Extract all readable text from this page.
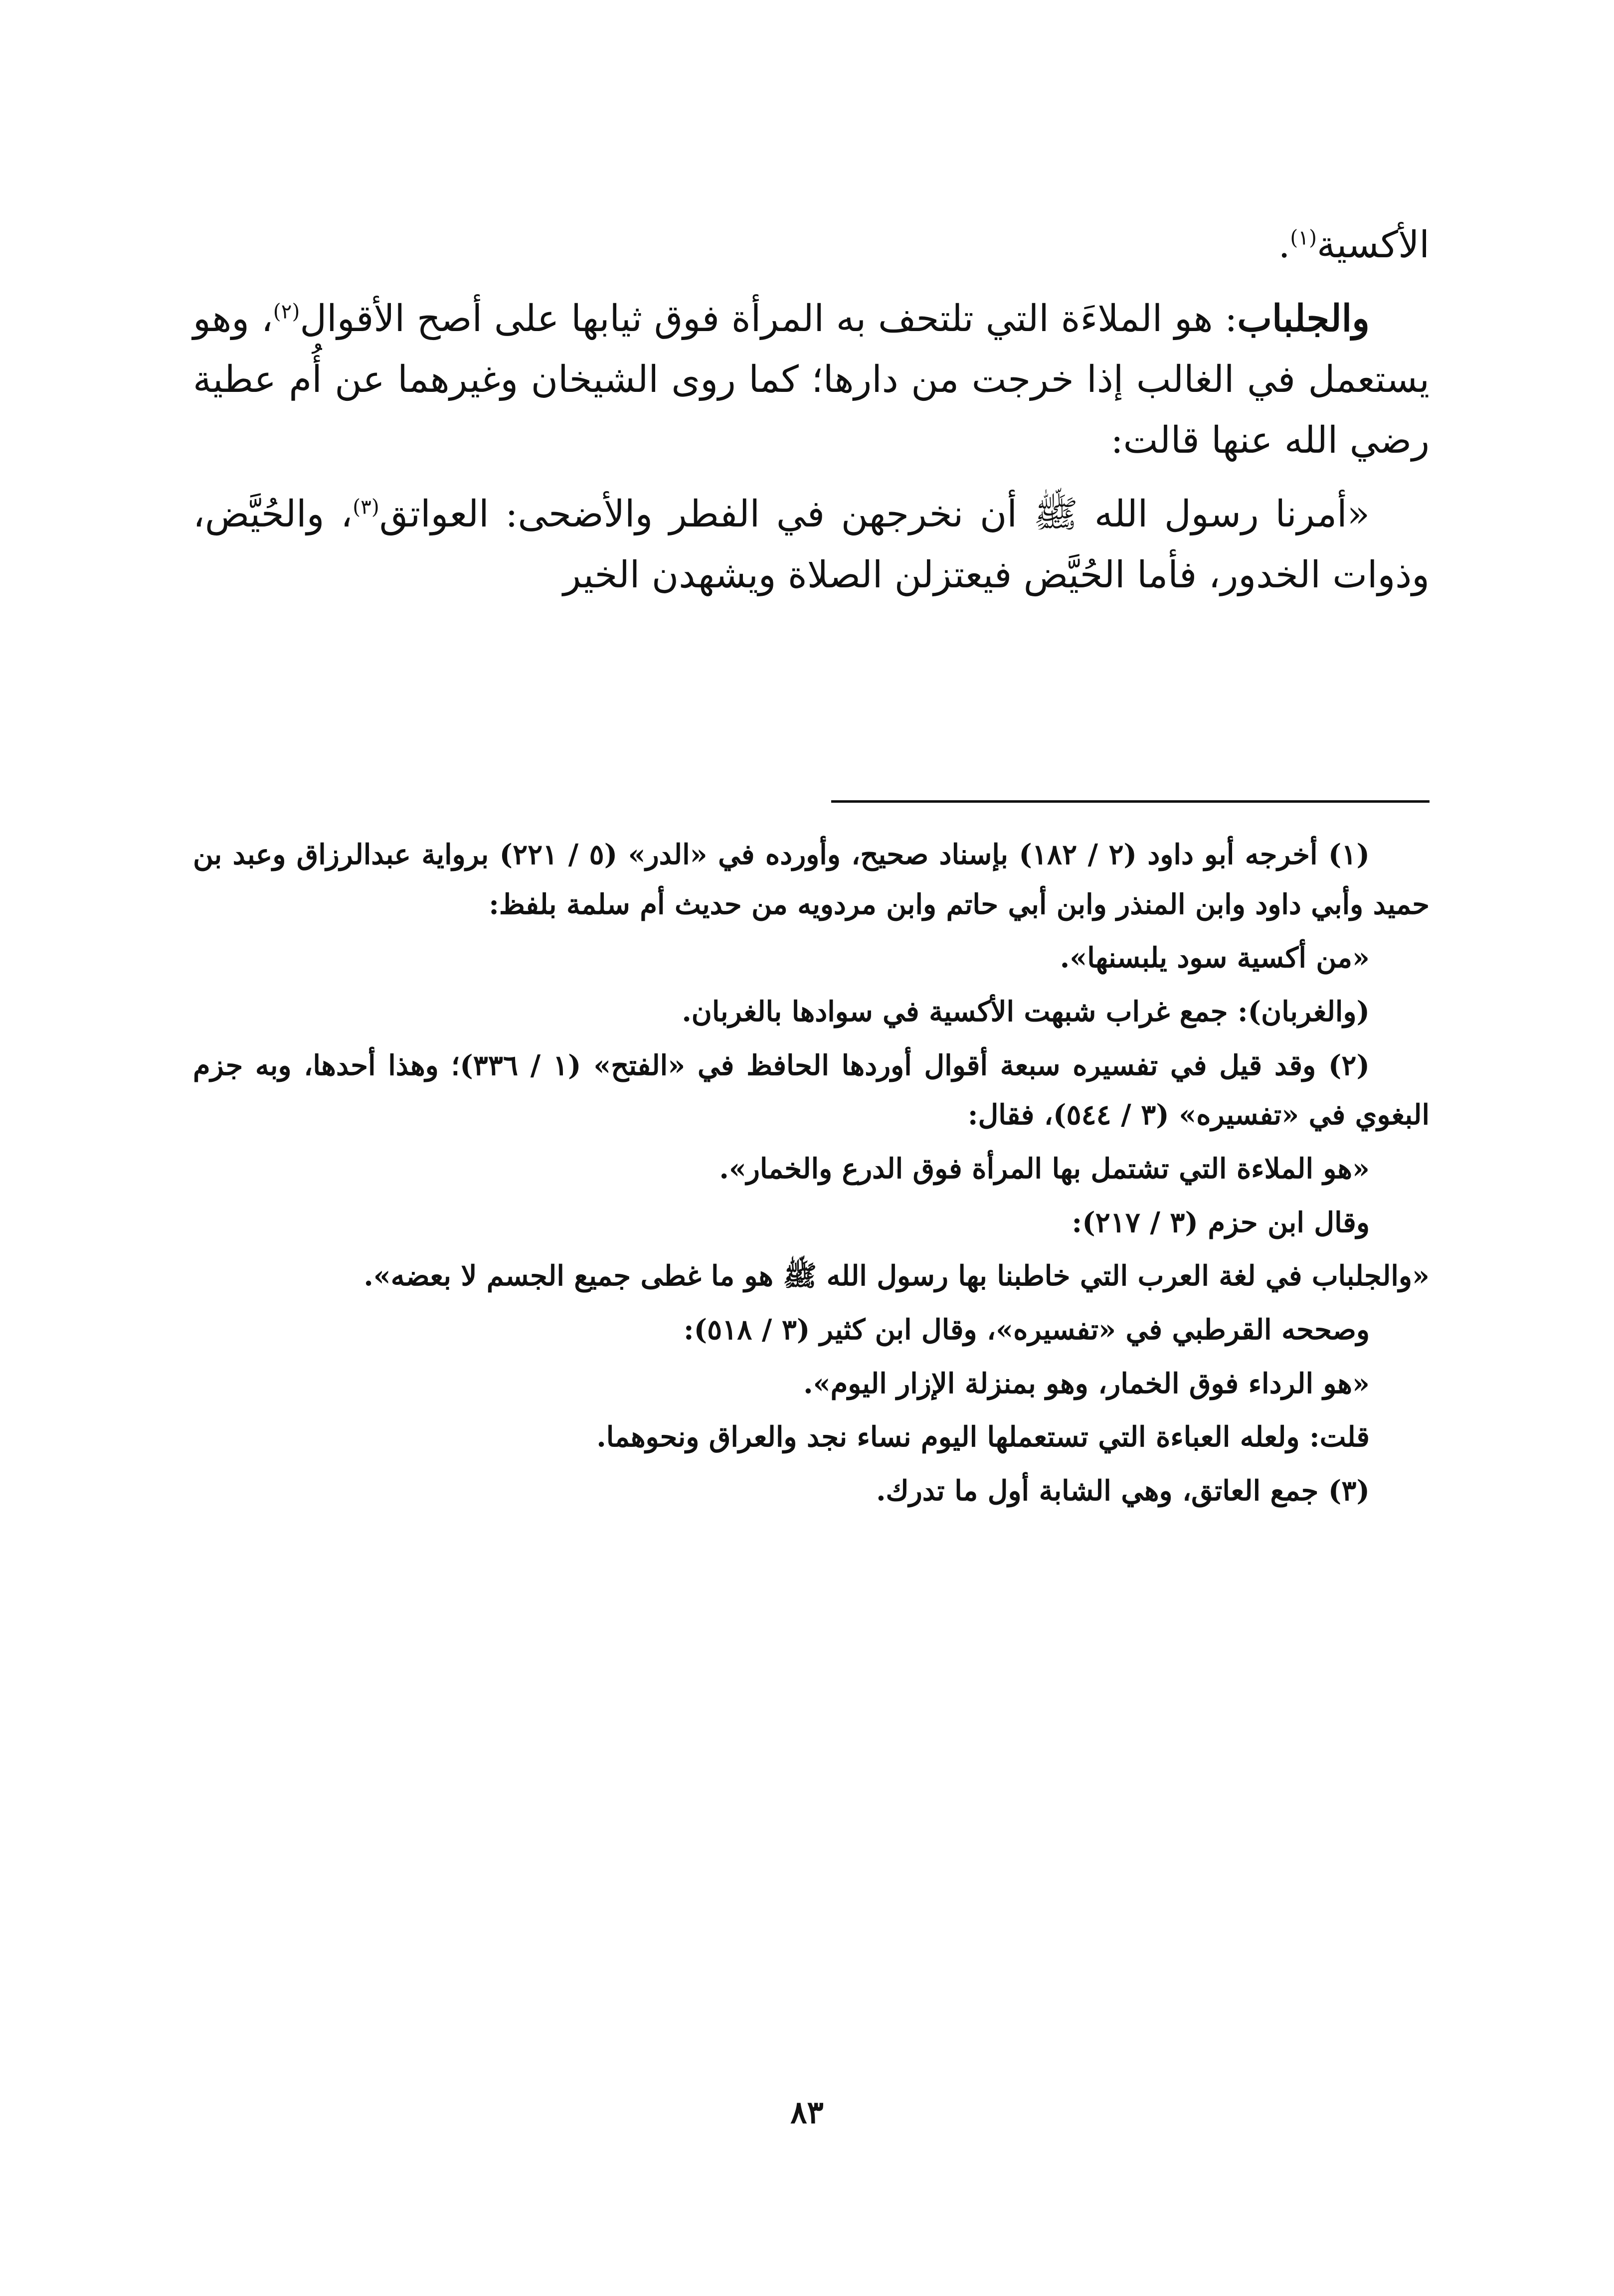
الأكسية$^{(١)}$.

والجلباب: هو الملاءَة التي تلتحف به المرأة فوق ثيابها على أصح الأقوال$^{(٢)}$، وهو يستعمل في الغالب إذا خرجت من دارها؛ كما روى الشيخان وغيرهما عن أُم عطية رضي الله عنها قالت:

«أمرنا رسول الله ﷺ أن نخرجهن في الفطر والأضحى: العواتق$^{(٣)}$، والحُيَّض، وذوات الخدور، فأما الحُيَّض فيعتزلن الصلاة ويشهدن الخير

(١) أخرجه أبو داود (٢ / ١٨٢) بإسناد صحيح، وأورده في «الدر» (٥ / ٢٢١) برواية عبدالرزاق وعبد بن حميد وأبي داود وابن المنذر وابن أبي حاتم وابن مردويه من حديث أم سلمة بلفظ:

«من أكسية سود يلبسنها».

(والغربان): جمع غراب شبهت الأكسية في سوادها بالغربان.

(٢) وقد قيل في تفسيره سبعة أقوال أوردها الحافظ في «الفتح» (١ / ٣٣٦)؛ وهذا أحدها، وبه جزم البغوي في «تفسيره» (٣ / ٥٤٤)، فقال:

«هو الملاءة التي تشتمل بها المرأة فوق الدرع والخمار».

وقال ابن حزم (٣ / ٢١٧):

«والجلباب في لغة العرب التي خاطبنا بها رسول الله ﷺ هو ما غطى جميع الجسم لا بعضه».

وصححه القرطبي في «تفسيره»، وقال ابن كثير (٣ / ٥١٨):

«هو الرداء فوق الخمار، وهو بمنزلة الإزار اليوم».

قلت: ولعله العباءة التي تستعملها اليوم نساء نجد والعراق ونحوهما.

(٣) جمع العاتق، وهي الشابة أول ما تدرك.

٨٣
